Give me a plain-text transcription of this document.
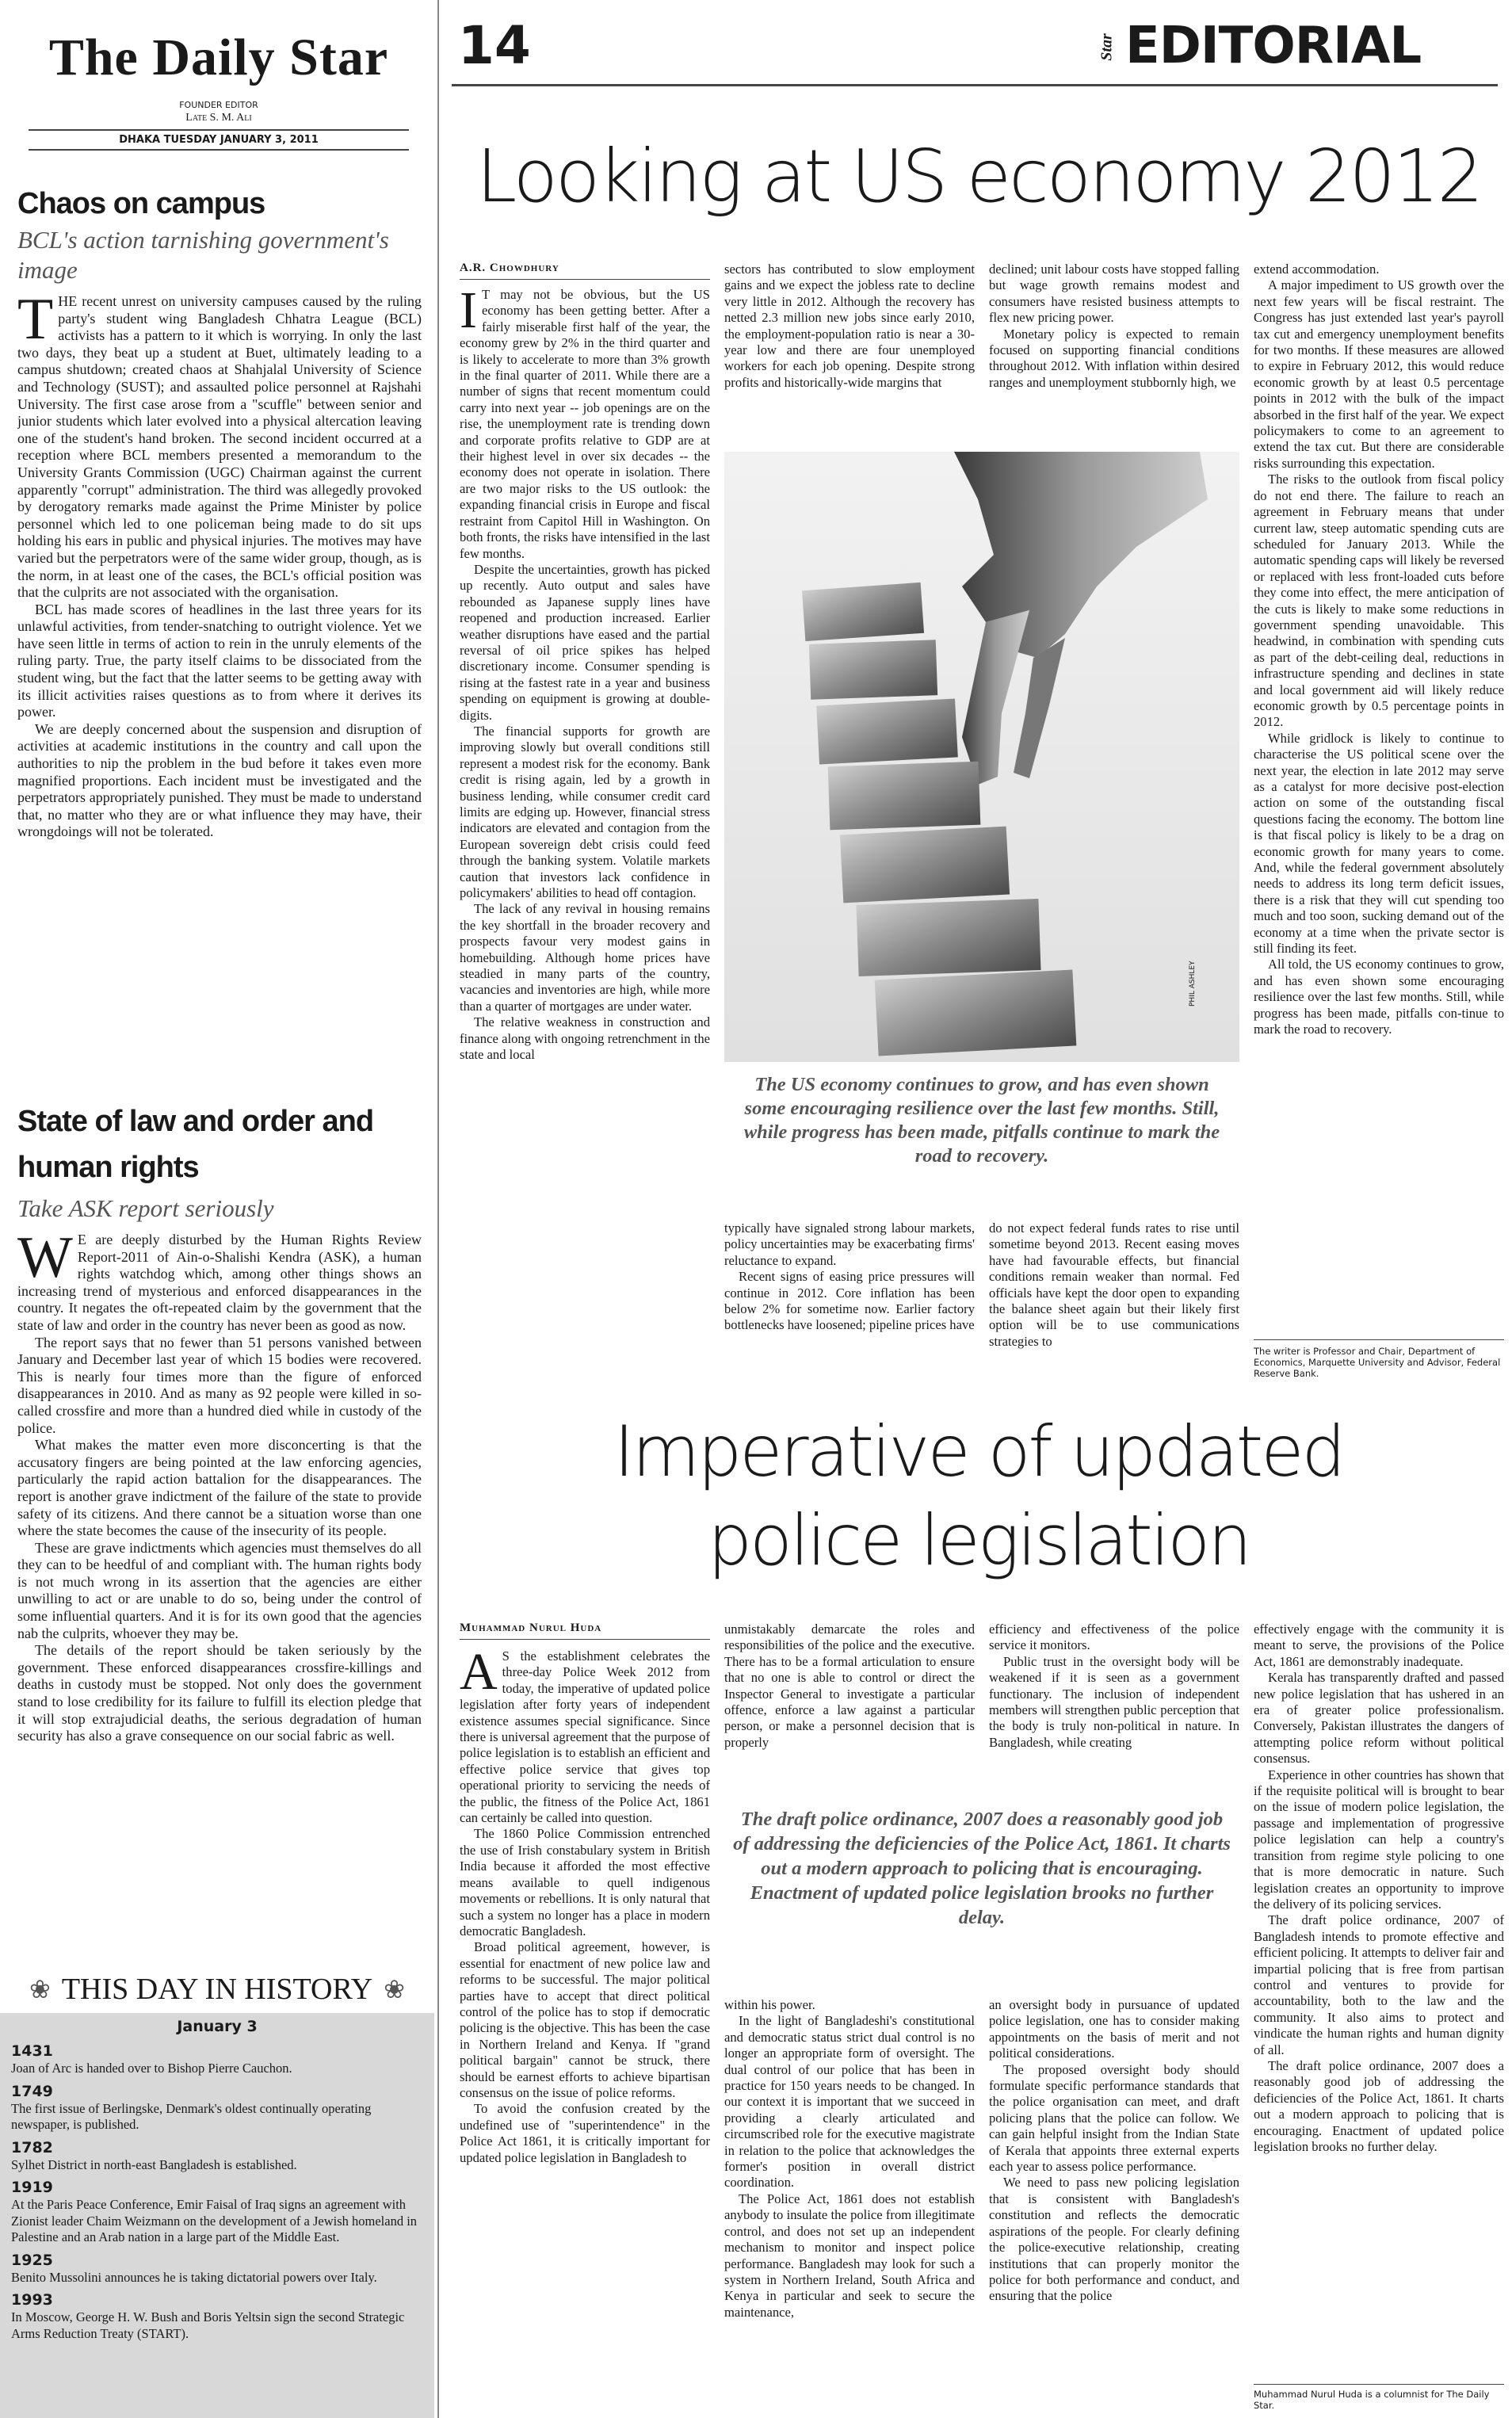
The Daily Star
FOUNDER EDITOR
Late S. M. Ali
DHAKA TUESDAY JANUARY 3, 2011
Chaos on campus
BCL's action tarnishing government's image

THE recent unrest on university campuses caused by the ruling party's student wing Bangladesh Chhatra League (BCL) activists has a pattern to it which is worrying. In only the last two days, they beat up a student at Buet, ultimately leading to a campus shutdown; created chaos at Shahjalal University of Science and Technology (SUST); and assaulted police personnel at Rajshahi University. The first case arose from a "scuffle" between senior and junior students which later evolved into a physical altercation leaving one of the student's hand broken. The second incident occurred at a reception where BCL members presented a memorandum to the University Grants Commission (UGC) Chairman against the current apparently "corrupt" administration. The third was allegedly provoked by derogatory remarks made against the Prime Minister by police personnel which led to one policeman being made to do sit ups holding his ears in public and physical injuries. The motives may have varied but the perpetrators were of the same wider group, though, as is the norm, in at least one of the cases, the BCL's official position was that the culprits are not associated with the organisation.

BCL has made scores of headlines in the last three years for its unlawful activities, from tender-snatching to outright violence. Yet we have seen little in terms of action to rein in the unruly elements of the ruling party. True, the party itself claims to be dissociated from the student wing, but the fact that the latter seems to be getting away with its illicit activities raises questions as to from where it derives its power.

We are deeply concerned about the suspension and disruption of activities at academic institutions in the country and call upon the authorities to nip the problem in the bud before it takes even more magnified proportions. Each incident must be investigated and the perpetrators appropriately punished. They must be made to understand that, no matter who they are or what influence they may have, their wrongdoings will not be tolerated.

State of law and order and human rights
Take ASK report seriously

WE are deeply disturbed by the Human Rights Review Report-2011 of Ain-o-Shalishi Kendra (ASK), a human rights watchdog which, among other things shows an increasing trend of mysterious and enforced disappearances in the country. It negates the oft-repeated claim by the government that the state of law and order in the country has never been as good as now.

The report says that no fewer than 51 persons vanished between January and December last year of which 15 bodies were recovered. This is nearly four times more than the figure of enforced disappearances in 2010. And as many as 92 people were killed in so-called crossfire and more than a hundred died while in custody of the police.

What makes the matter even more disconcerting is that the accusatory fingers are being pointed at the law enforcing agencies, particularly the rapid action battalion for the disappearances. The report is another grave indictment of the failure of the state to provide safety of its citizens. And there cannot be a situation worse than one where the state becomes the cause of the insecurity of its people.

These are grave indictments which agencies must themselves do all they can to be heedful of and compliant with. The human rights body is not much wrong in its assertion that the agencies are either unwilling to act or are unable to do so, being under the control of some influential quarters. And it is for its own good that the agencies nab the culprits, whoever they may be.

The details of the report should be taken seriously by the government. These enforced disappearances crossfire-killings and deaths in custody must be stopped. Not only does the government stand to lose credibility for its failure to fulfill its election pledge that it will stop extrajudicial deaths, the serious degradation of human security has also a grave consequence on our social fabric as well.

❀ THIS DAY IN HISTORY ❀
January 3
1431
Joan of Arc is handed over to Bishop Pierre Cauchon.
1749
The first issue of Berlingske, Denmark's oldest continually operating newspaper, is published.
1782
Sylhet District in north-east Bangladesh is established.
1919
At the Paris Peace Conference, Emir Faisal of Iraq signs an agreement with Zionist leader Chaim Weizmann on the development of a Jewish homeland in Palestine and an Arab nation in a large part of the Middle East.
1925
Benito Mussolini announces he is taking dictatorial powers over Italy.
1993
In Moscow, George H. W. Bush and Boris Yeltsin sign the second Strategic Arms Reduction Treaty (START).
14	Star EDITORIAL
Looking at US economy 2012
A.R. Chowdhury

IT may not be obvious, but the US economy has been getting better. After a fairly miserable first half of the year, the economy grew by 2% in the third quarter and is likely to accelerate to more than 3% growth in the final quarter of 2011. While there are a number of signs that recent momentum could carry into next year -- job openings are on the rise, the unemployment rate is trending down and corporate profits relative to GDP are at their highest level in over six decades -- the economy does not operate in isolation. There are two major risks to the US outlook: the expanding financial crisis in Europe and fiscal restraint from Capitol Hill in Washington. On both fronts, the risks have intensified in the last few months.

Despite the uncertainties, growth has picked up recently. Auto output and sales have rebounded as Japanese supply lines have reopened and production increased. Earlier weather disruptions have eased and the partial reversal of oil price spikes has helped discretionary income. Consumer spending is rising at the fastest rate in a year and business spending on equipment is growing at double-digits.

The financial supports for growth are improving slowly but overall conditions still represent a modest risk for the economy. Bank credit is rising again, led by a growth in business lending, while consumer credit card limits are edging up. However, financial stress indicators are elevated and contagion from the European sovereign debt crisis could feed through the banking system. Volatile markets caution that investors lack confidence in policymakers' abilities to head off contagion.

The lack of any revival in housing remains the key shortfall in the broader recovery and prospects favour very modest gains in homebuilding. Although home prices have steadied in many parts of the country, vacancies and inventories are high, while more than a quarter of mortgages are under water.

The relative weakness in construction and finance along with ongoing retrenchment in the state and local

sectors has contributed to slow employment gains and we expect the jobless rate to decline very little in 2012. Although the recovery has netted 2.3 million new jobs since early 2010, the employment-population ratio is near a 30-year low and there are four unemployed workers for each job opening. Despite strong profits and historically-wide margins that

declined; unit labour costs have stopped falling but wage growth remains modest and consumers have resisted business attempts to flex new pricing power.
Monetary policy is expected to remain focused on supporting financial conditions throughout 2012. With inflation within desired ranges and unemployment stubbornly high, we

PHIL ASHLEY
The US economy continues to grow, and has even shown some encouraging resilience over the last few months. Still, while progress has been made, pitfalls continue to mark the road to recovery.

typically have signaled strong labour markets, policy uncertainties may be exacerbating firms' reluctance to expand.
Recent signs of easing price pressures will continue in 2012. Core inflation has been below 2% for sometime now. Earlier factory bottlenecks have loosened; pipeline prices have

do not expect federal funds rates to rise until sometime beyond 2013. Recent easing moves have had favourable effects, but financial conditions remain weaker than normal. Fed officials have kept the door open to expanding the balance sheet again but their likely first option will be to use communications strategies to

extend accommodation.

A major impediment to US growth over the next few years will be fiscal restraint. The Congress has just extended last year's payroll tax cut and emergency unemployment benefits for two months. If these measures are allowed to expire in February 2012, this would reduce economic growth by at least 0.5 percentage points in 2012 with the bulk of the impact absorbed in the first half of the year. We expect policymakers to come to an agreement to extend the tax cut. But there are considerable risks surrounding this expectation.

The risks to the outlook from fiscal policy do not end there. The failure to reach an agreement in February means that under current law, steep automatic spending cuts are scheduled for January 2013. While the automatic spending caps will likely be reversed or replaced with less front-loaded cuts before they come into effect, the mere anticipation of the cuts is likely to make some reductions in government spending unavoidable. This headwind, in combination with spending cuts as part of the debt-ceiling deal, reductions in infrastructure spending and declines in state and local government aid will likely reduce economic growth by 0.5 percentage points in 2012.

While gridlock is likely to continue to characterise the US political scene over the next year, the election in late 2012 may serve as a catalyst for more decisive post-election action on some of the outstanding fiscal questions facing the economy. The bottom line is that fiscal policy is likely to be a drag on economic growth for many years to come. And, while the federal government absolutely needs to address its long term deficit issues, there is a risk that they will cut spending too much and too soon, sucking demand out of the economy at a time when the private sector is still finding its feet.

All told, the US economy continues to grow, and has even shown some encouraging resilience over the last few months. Still, while progress has been made, pitfalls con-tinue to mark the road to recovery.

The writer is Professor and Chair, Department of Economics, Marquette University and Advisor, Federal Reserve Bank.
Imperative of updated
police legislation
Muhammad Nurul Huda

AS the establishment celebrates the three-day Police Week 2012 from today, the imperative of updated police legislation after forty years of independent existence assumes special significance. Since there is universal agreement that the purpose of police legislation is to establish an efficient and effective police service that gives top operational priority to servicing the needs of the public, the fitness of the Police Act, 1861 can certainly be called into question.

The 1860 Police Commission entrenched the use of Irish constabulary system in British India because it afforded the most effective means available to quell indigenous movements or rebellions. It is only natural that such a system no longer has a place in modern democratic Bangladesh.

Broad political agreement, however, is essential for enactment of new police law and reforms to be successful. The major political parties have to accept that direct political control of the police has to stop if democratic policing is the objective. This has been the case in Northern Ireland and Kenya. If "grand political bargain" cannot be struck, there should be earnest efforts to achieve bipartisan consensus on the issue of police reforms.

To avoid the confusion created by the undefined use of "superintendence" in the Police Act 1861, it is critically important for updated police legislation in Bangladesh to

unmistakably demarcate the roles and responsibilities of the police and the executive. There has to be a formal articulation to ensure that no one is able to control or direct the Inspector General to investigate a particular offence, enforce a law against a particular person, or make a personnel decision that is properly

efficiency and effectiveness of the police service it monitors.
Public trust in the oversight body will be weakened if it is seen as a government functionary. The inclusion of independent members will strengthen public perception that the body is truly non-political in nature. In Bangladesh, while creating

The draft police ordinance, 2007 does a reasonably good job of addressing the deficiencies of the Police Act, 1861. It charts out a modern approach to policing that is encouraging. Enactment of updated police legislation brooks no further delay.

within his power.
In the light of Bangladeshi's constitutional and democratic status strict dual control is no longer an appropriate form of oversight. The dual control of our police that has been in practice for 150 years needs to be changed. In our context it is important that we succeed in providing a clearly articulated and circumscribed role for the executive magistrate in relation to the police that acknowledges the former's position in overall district coordination.
The Police Act, 1861 does not establish anybody to insulate the police from illegitimate control, and does not set up an independent mechanism to monitor and inspect police performance. Bangladesh may look for such a system in Northern Ireland, South Africa and Kenya in particular and seek to secure the maintenance,

an oversight body in pursuance of updated police legislation, one has to consider making appointments on the basis of merit and not political considerations.
The proposed oversight body should formulate specific performance standards that the police organisation can meet, and draft policing plans that the police can follow. We can gain helpful insight from the Indian State of Kerala that appoints three external experts each year to assess police performance.
We need to pass new policing legislation that is consistent with Bangladesh's constitution and reflects the democratic aspirations of the people. For clearly defining the police-executive relationship, creating institutions that can properly monitor the police for both performance and conduct, and ensuring that the police

effectively engage with the community it is meant to serve, the provisions of the Police Act, 1861 are demonstrably inadequate.

Kerala has transparently drafted and passed new police legislation that has ushered in an era of greater police professionalism. Conversely, Pakistan illustrates the dangers of attempting police reform without political consensus.

Experience in other countries has shown that if the requisite political will is brought to bear on the issue of modern police legislation, the passage and implementation of progressive police legislation can help a country's transition from regime style policing to one that is more democratic in nature. Such legislation creates an opportunity to improve the delivery of its policing services.

The draft police ordinance, 2007 of Bangladesh intends to promote effective and efficient policing. It attempts to deliver fair and impartial policing that is free from partisan control and ventures to provide for accountability, both to the law and the community. It also aims to protect and vindicate the human rights and human dignity of all.

The draft police ordinance, 2007 does a reasonably good job of addressing the deficiencies of the Police Act, 1861. It charts out a modern approach to policing that is encouraging. Enactment of updated police legislation brooks no further delay.

Muhammad Nurul Huda is a columnist for The Daily Star.
